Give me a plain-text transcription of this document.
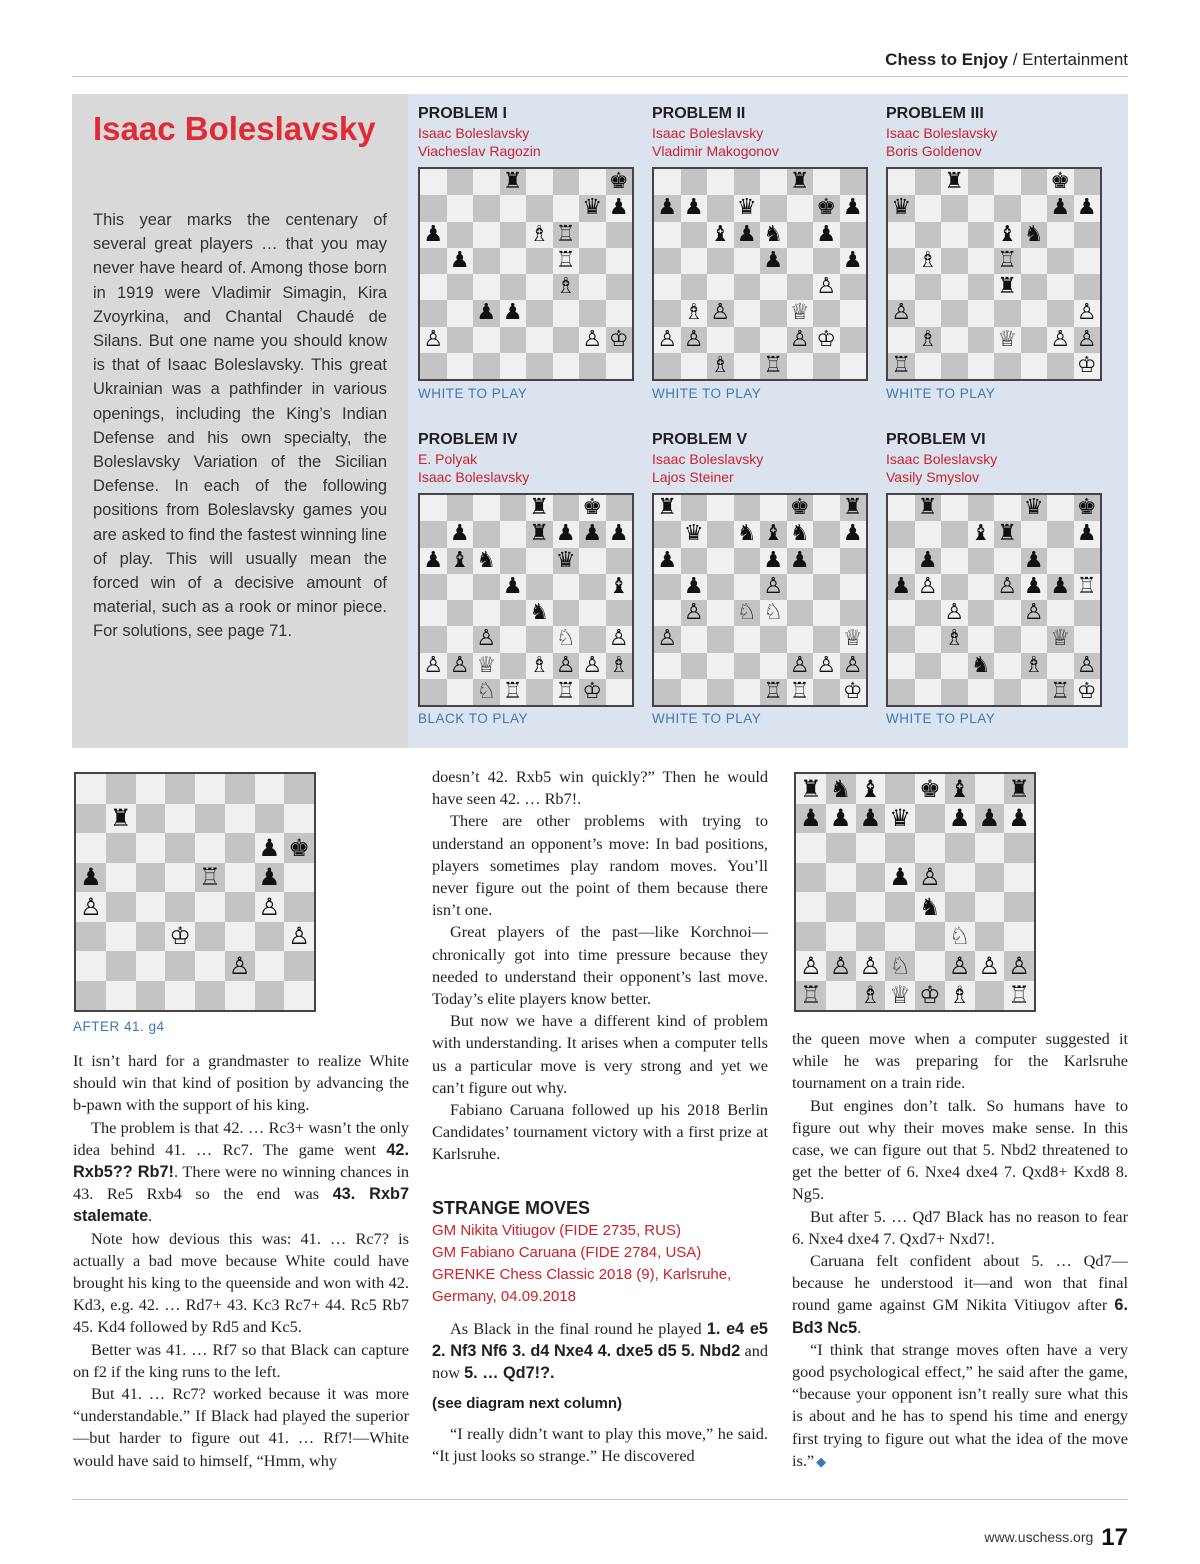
Chess to Enjoy / Entertainment
Isaac Boleslavsky

This year marks the centenary of several great players … that you may never have heard of. Among those born in 1919 were Vladimir Simagin, Kira Zvoyrkina, and Chantal Chaudé de Silans. But one name you should know is that of Isaac Boleslavsky. This great Ukrainian was a pathfinder in various openings, including the King’s Indian Defense and his own specialty, the Boleslavsky Variation of the Sicilian Defense. In each of the following positions from Boleslavsky games you are asked to find the fastest winning line of play. This will usually mean the forced win of a decisive amount of material, such as a rook or minor piece. For solutions, see page 71.

PROBLEM I
Isaac Boleslavsky
Viacheslav Ragozin
♜	♚
♛ ♟
♟	♗ ♖
♟	♖
♗
♟ ♟
♙	♙ ♔
WHITE TO PLAY
PROBLEM II
Isaac Boleslavsky
Vladimir Makogonov
♜
♟ ♟ ♛	♚ ♟
♝ ♟ ♞ ♟
♟	♟
♙
♗ ♙	♕
♙ ♙	♙ ♔
♗ ♖
WHITE TO PLAY
PROBLEM III
Isaac Boleslavsky
Boris Goldenov
♜	♚
♛	♟ ♟
♝ ♞
♗	♖
♜
♙	♙
♗	♕ ♙ ♙
♖	♔
WHITE TO PLAY
PROBLEM IV
E. Polyak
Isaac Boleslavsky
♜ ♚
♟	♜ ♟ ♟ ♟
♟ ♝ ♞	♛
♟	♝
♞
♙	♘ ♙
♙ ♙ ♕ ♗ ♙ ♙ ♗
♘ ♖ ♖ ♔
BLACK TO PLAY
PROBLEM V
Isaac Boleslavsky
Lajos Steiner
♜	♚ ♜
♛ ♞ ♝ ♞ ♟
♟	♟ ♟
♟	♙
♙ ♘ ♘
♙	♕
♙ ♙ ♙
♖ ♖ ♔
WHITE TO PLAY
PROBLEM VI
Isaac Boleslavsky
Vasily Smyslov
♜	♛ ♚
♝ ♜	♟
♟	♟
♟ ♙	♙ ♟ ♟ ♖
♙	♙
♗	♕
♞ ♗ ♙
♖ ♔
WHITE TO PLAY
♜
♟ ♚
♟	♖ ♟
♙	♙
♔	♙
♙
AFTER 41. g4

It isn’t hard for a grandmaster to realize White should win that kind of position by advancing the b-pawn with the support of his king.

The problem is that 42. … Rc3+ wasn’t the only idea behind 41. … Rc7. The game went 42. Rxb5?? Rb7!. There were no winning chances in 43. Re5 Rxb4 so the end was 43. Rxb7 stalemate.

Note how devious this was: 41. … Rc7? is actually a bad move because White could have brought his king to the queenside and won with 42. Kd3, e.g. 42. … Rd7+ 43. Kc3 Rc7+ 44. Rc5 Rb7 45. Kd4 followed by Rd5 and Kc5.

Better was 41. … Rf7 so that Black can capture on f2 if the king runs to the left.

But 41. … Rc7? worked because it was more “understandable.” If Black had played the superior—but harder to figure out 41. … Rf7!—White would have said to himself, “Hmm, why

doesn’t 42. Rxb5 win quickly?” Then he would have seen 42. … Rb7!.

There are other problems with trying to understand an opponent’s move: In bad positions, players sometimes play random moves. You’ll never figure out the point of them because there isn’t one.

Great players of the past—like Korchnoi—chronically got into time pressure because they needed to understand their opponent’s last move. Today’s elite players know better.

But now we have a different kind of problem with understanding. It arises when a computer tells us a particular move is very strong and yet we can’t figure out why.

Fabiano Caruana followed up his 2018 Berlin Candidates’ tournament victory with a first prize at Karlsruhe.

STRANGE MOVES
GM Nikita Vitiugov (FIDE 2735, RUS)
GM Fabiano Caruana (FIDE 2784, USA)
GRENKE Chess Classic 2018 (9), Karlsruhe, Germany, 04.09.2018

As Black in the final round he played 1. e4 e5 2. Nf3 Nf6 3. d4 Nxe4 4. dxe5 d5 5. Nbd2 and now 5. … Qd7!?.

(see diagram next column)

“I really didn’t want to play this move,” he said. “It just looks so strange.” He discovered

♜ ♞ ♝ ♚ ♝ ♜
♟ ♟ ♟ ♛ ♟ ♟ ♟
♟ ♙
♞
♘
♙ ♙ ♙ ♘ ♙ ♙ ♙
♖ ♗ ♕ ♔ ♗ ♖

the queen move when a computer suggested it while he was preparing for the Karlsruhe tournament on a train ride.

But engines don’t talk. So humans have to figure out why their moves make sense. In this case, we can figure out that 5. Nbd2 threatened to get the better of 6. Nxe4 dxe4 7. Qxd8+ Kxd8 8. Ng5.

But after 5. … Qd7 Black has no reason to fear 6. Nxe4 dxe4 7. Qxd7+ Nxd7!.

Caruana felt confident about 5. … Qd7—because he understood it—and won that final round game against GM Nikita Vitiugov after 6. Bd3 Nc5.

“I think that strange moves often have a very good psychological effect,” he said after the game, “because your opponent isn’t really sure what this is about and he has to spend his time and energy first trying to figure out what the idea of the move is.” ◆

www.uschess.org 17
